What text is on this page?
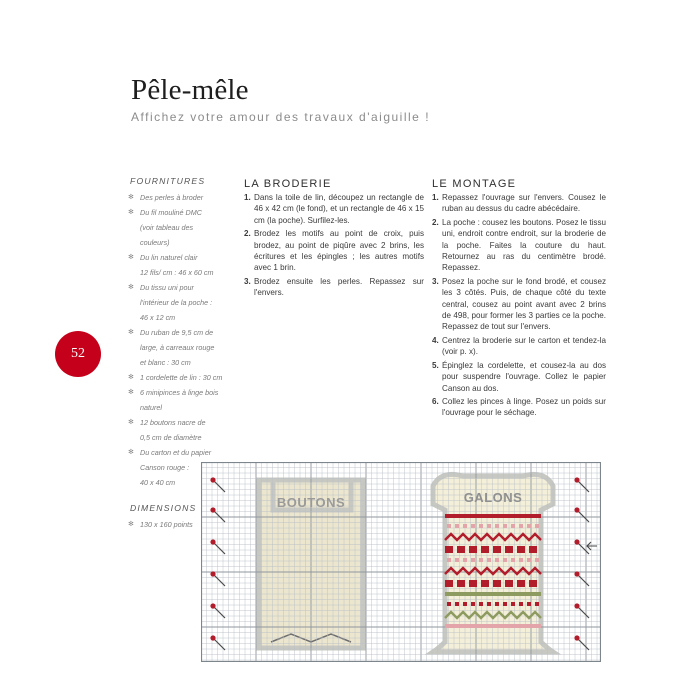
Pêle-mêle
Affichez votre amour des travaux d'aiguille !
52
FOURNITURES
✻ Des perles à broder
✻ Du fil mouliné DMC
(voir tableau des
couleurs)
✻ Du lin naturel clair
12 fils/ cm : 46 x 60 cm
✻ Du tissu uni pour
l'intérieur de la poche :
46 x 12 cm
✻ Du ruban de 9,5 cm de
large, à carreaux rouge
et blanc : 30 cm
✻ 1 cordelette de lin : 30 cm
✻ 6 minipinces à linge bois
naturel
✻ 12 boutons nacre de
0,5 cm de diamètre
✻ Du carton et du papier
Canson rouge :
40 x 40 cm
DIMENSIONS
✻ 130 x 160 points
LA BRODERIE
1. Dans la toile de lin, découpez un rectangle de 46 x 42 cm (le fond), et un rectangle de 46 x 15 cm (la poche). Surfilez-les.
2. Brodez les motifs au point de croix, puis brodez, au point de piqûre avec 2 brins, les écritures et les épingles ; les autres motifs avec 1 brin.
3. Brodez ensuite les perles. Repassez sur l'envers.
LE MONTAGE
1. Repassez l'ouvrage sur l'envers. Cousez le ruban au dessus du cadre abécédaire.
2. La poche : cousez les boutons. Posez le tissu uni, endroit contre endroit, sur la broderie de la poche. Faites la couture du haut. Retournez au ras du centimètre brodé. Repassez.
3. Posez la poche sur le fond brodé, et cousez les 3 côtés. Puis, de chaque côté du texte central, cousez au point avant avec 2 brins de 498, pour former les 3 parties ce la poche. Repassez de tout sur l'envers.
4. Centrez la broderie sur le carton et tendez-la (voir p. x).
5. Épinglez la cordelette, et cousez-la au dos pour suspendre l'ouvrage. Collez le papier Canson au dos.
6. Collez les pinces à linge. Posez un poids sur l'ouvrage pour le séchage.
BOUTONS	GALONS
